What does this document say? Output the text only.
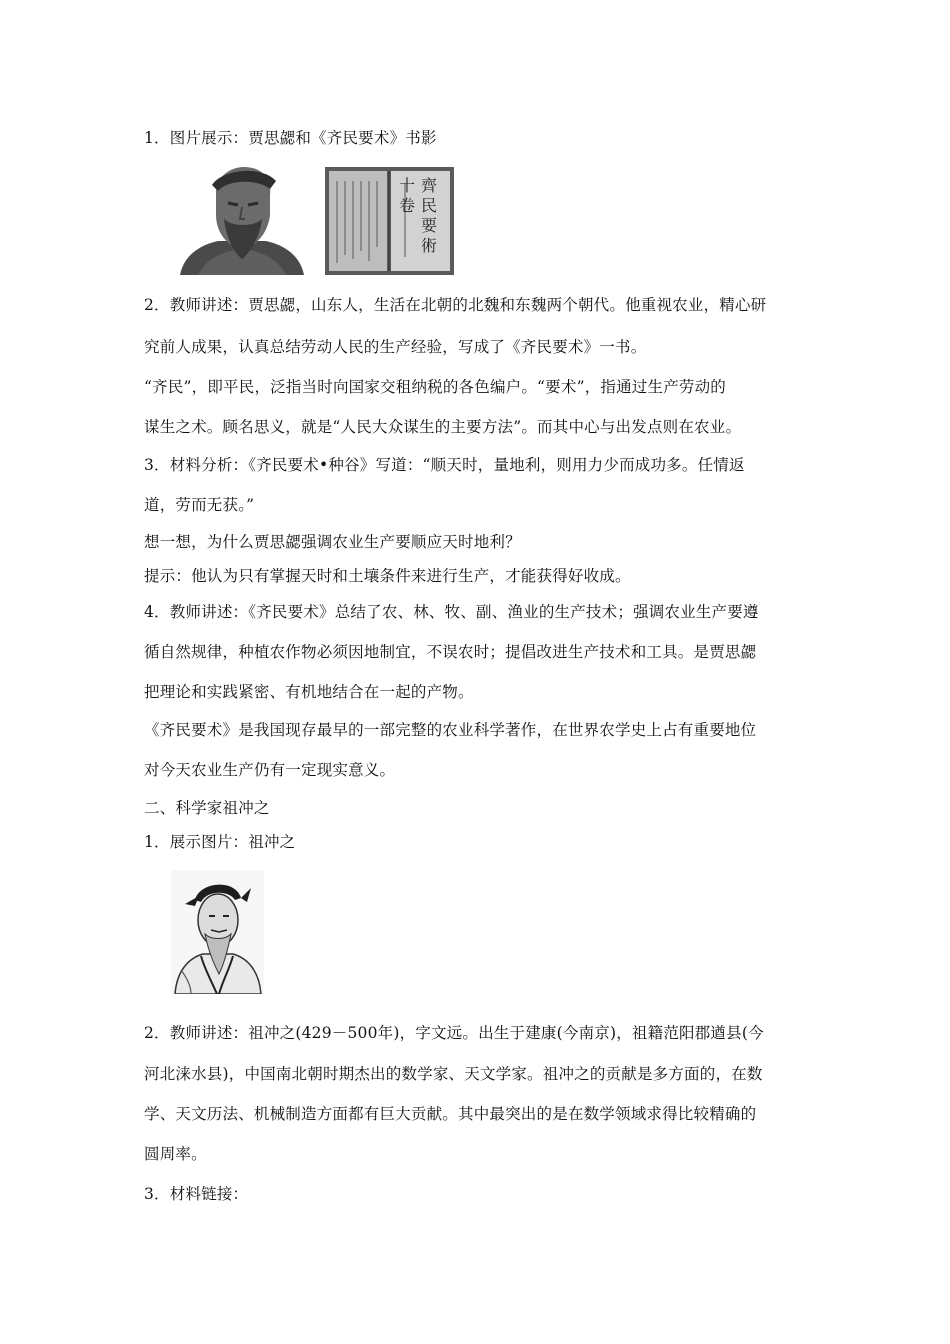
1．图片展示：贾思勰和《齐民要术》书影
齊
民
要
術
十
卷
2．教师讲述：贾思勰，山东人，生活在北朝的北魏和东魏两个朝代。他重视农业，精心研
究前人成果，认真总结劳动人民的生产经验，写成了《齐民要术》一书。
“齐民”，即平民，泛指当时向国家交租纳税的各色编户。“要术”，指通过生产劳动的
谋生之术。顾名思义，就是“人民大众谋生的主要方法”。而其中心与出发点则在农业。
3．材料分析：《齐民要术•种谷》写道：“顺天时，量地利，则用力少而成功多。任情返
道，劳而无获。”
想一想，为什么贾思勰强调农业生产要顺应天时地利？
提示：他认为只有掌握天时和土壤条件来进行生产，才能获得好收成。
4．教师讲述：《齐民要术》总结了农、林、牧、副、渔业的生产技术；强调农业生产要遵
循自然规律，种植农作物必须因地制宜，不误农时；提倡改进生产技术和工具。是贾思勰
把理论和实践紧密、有机地结合在一起的产物。
《齐民要术》是我国现存最早的一部完整的农业科学著作，在世界农学史上占有重要地位
对今天农业生产仍有一定现实意义。
二、科学家祖冲之
1．展示图片：祖冲之
2．教师讲述：祖冲之(429－500年)，字文远。出生于建康(今南京)，祖籍范阳郡遒县(今
河北涞水县)，中国南北朝时期杰出的数学家、天文学家。祖冲之的贡献是多方面的，在数
学、天文历法、机械制造方面都有巨大贡献。其中最突出的是在数学领域求得比较精确的
圆周率。
3．材料链接：
